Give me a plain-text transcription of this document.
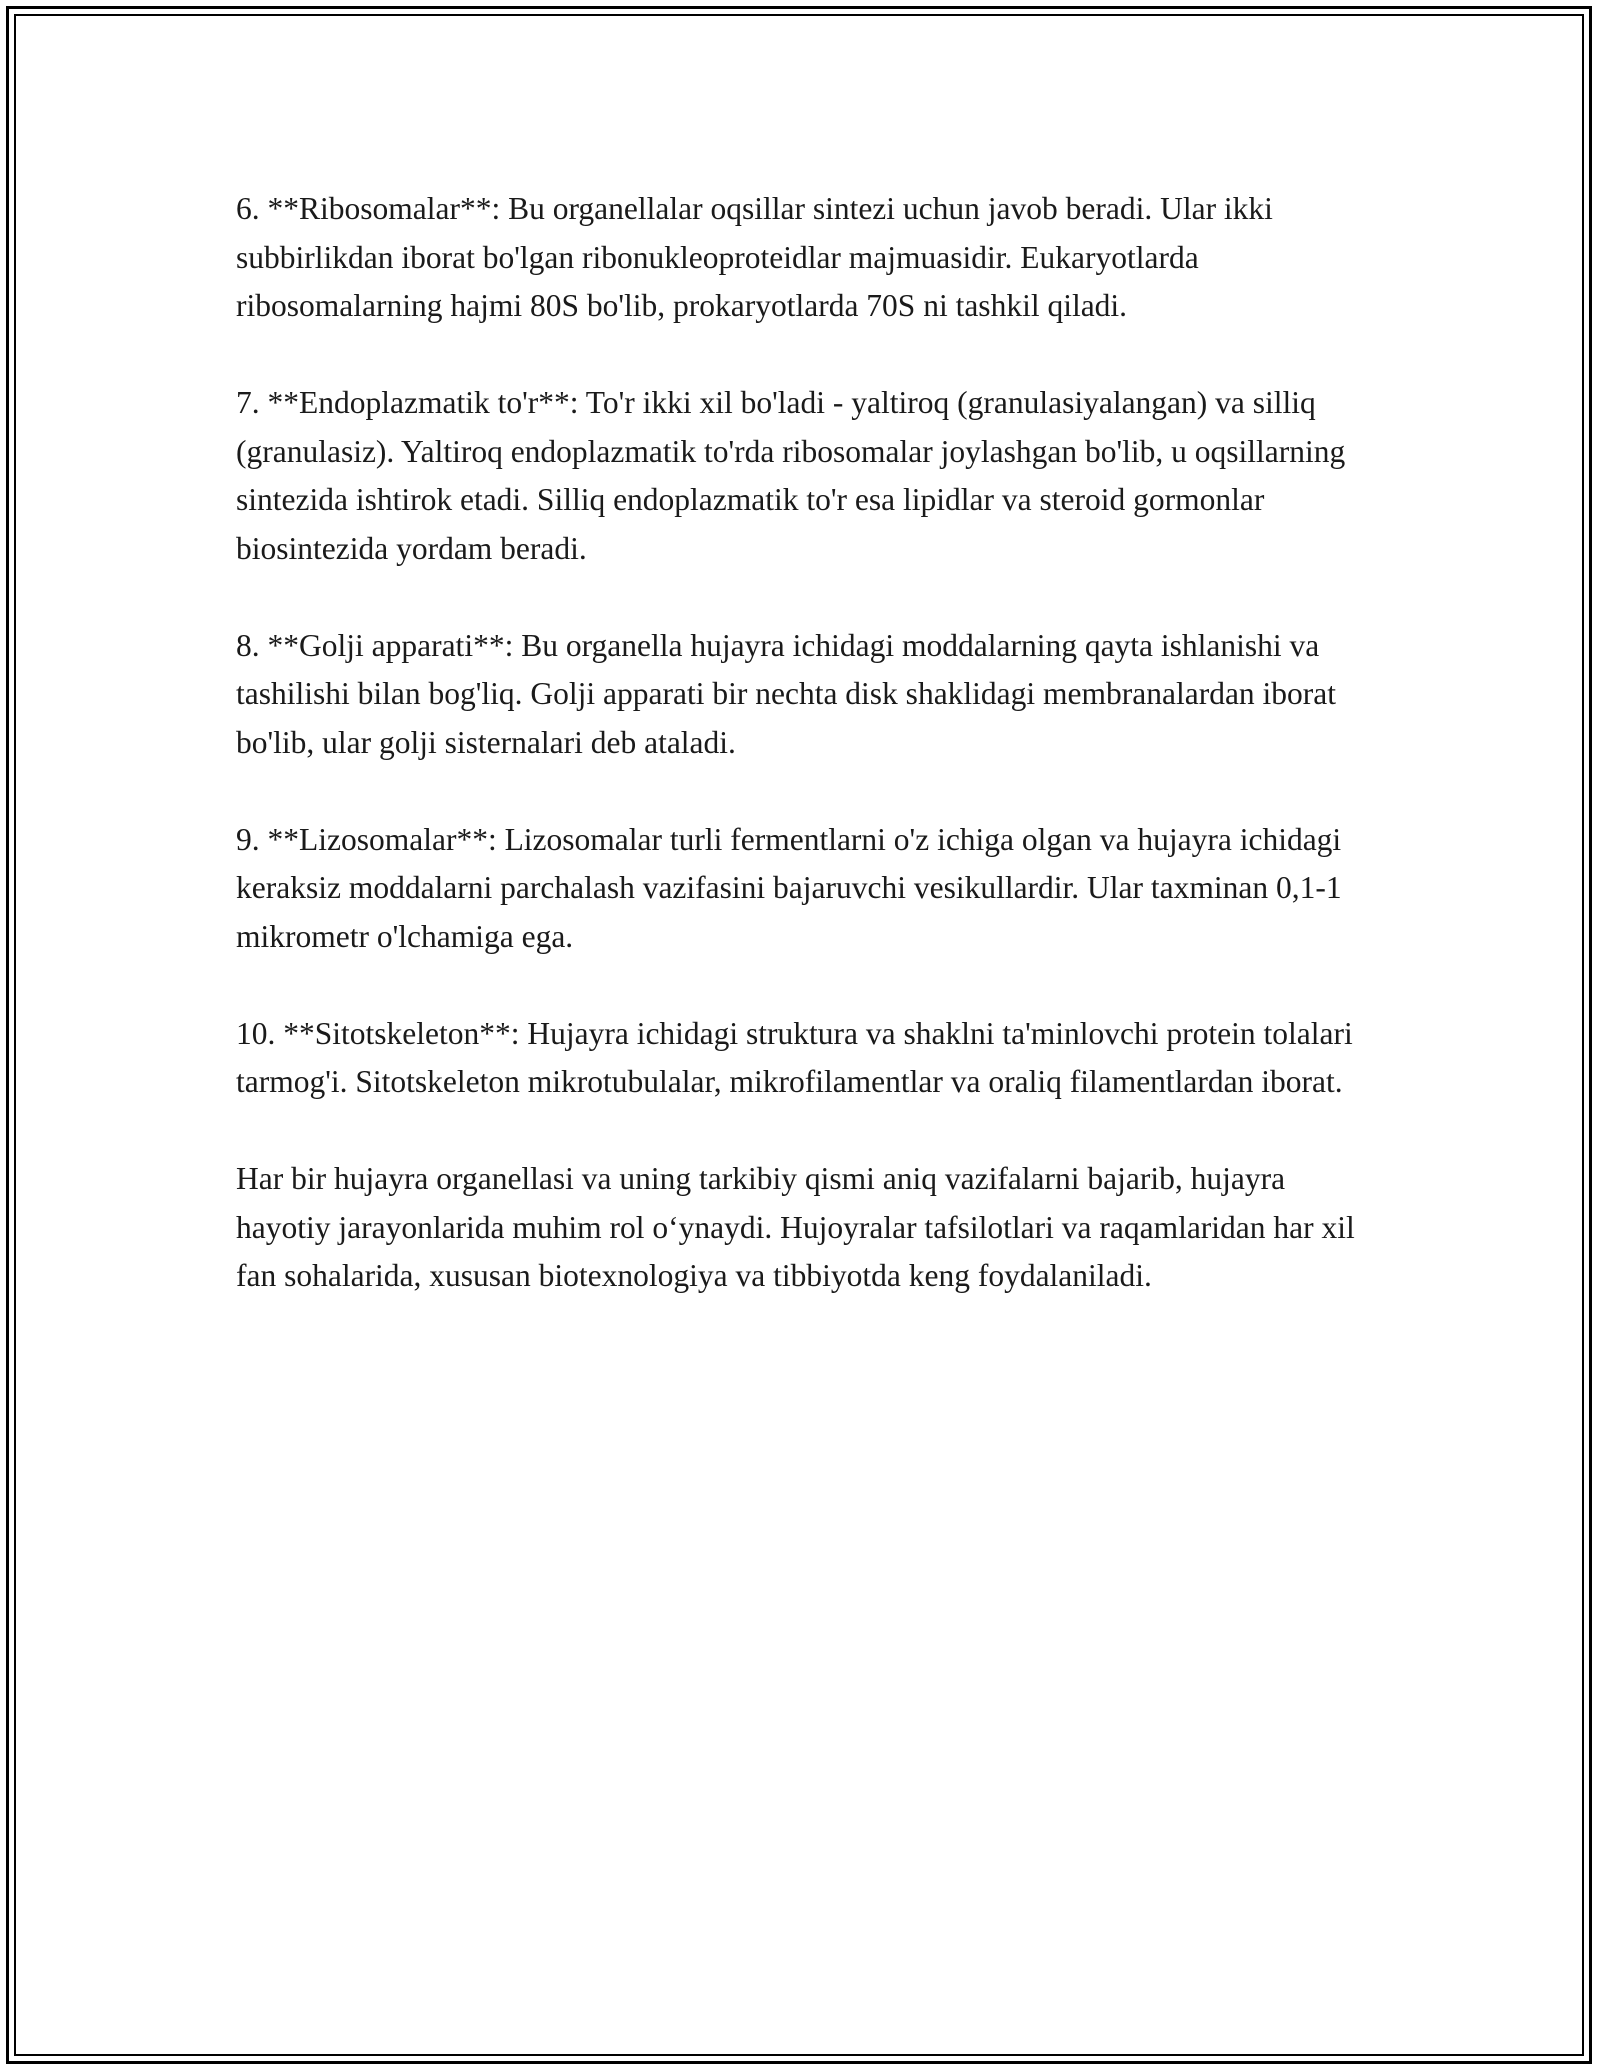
6. **Ribosomalar**: Bu organellalar oqsillar sintezi uchun javob beradi. Ular ikki subbirlikdan iborat bo'lgan ribonukleoproteidlar majmuasidir. Eukaryotlarda ribosomalarning hajmi 80S bo'lib, prokaryotlarda 70S ni tashkil qiladi.

7. **Endoplazmatik to'r**: To'r ikki xil bo'ladi - yaltiroq (granulasiyalangan) va silliq (granulasiz). Yaltiroq endoplazmatik to'rda ribosomalar joylashgan bo'lib, u oqsillarning sintezida ishtirok etadi. Silliq endoplazmatik to'r esa lipidlar va steroid gormonlar biosintezida yordam beradi.

8. **Golji apparati**: Bu organella hujayra ichidagi moddalarning qayta ishlanishi va tashilishi bilan bog'liq. Golji apparati bir nechta disk shaklidagi membranalardan iborat bo'lib, ular golji sisternalari deb ataladi.

9. **Lizosomalar**: Lizosomalar turli fermentlarni o'z ichiga olgan va hujayra ichidagi keraksiz moddalarni parchalash vazifasini bajaruvchi vesikullardir. Ular taxminan 0,1-1 mikrometr o'lchamiga ega.

10. **Sitotskeleton**: Hujayra ichidagi struktura va shaklni ta'minlovchi protein tolalari tarmog'i. Sitotskeleton mikrotubulalar, mikrofilamentlar va oraliq filamentlardan iborat.

Har bir hujayra organellasi va uning tarkibiy qismi aniq vazifalarni bajarib, hujayra hayotiy jarayonlarida muhim rol o‘ynaydi. Hujoyralar tafsilotlari va raqamlaridan har xil fan sohalarida, xususan biotexnologiya va tibbiyotda keng foydalaniladi.
